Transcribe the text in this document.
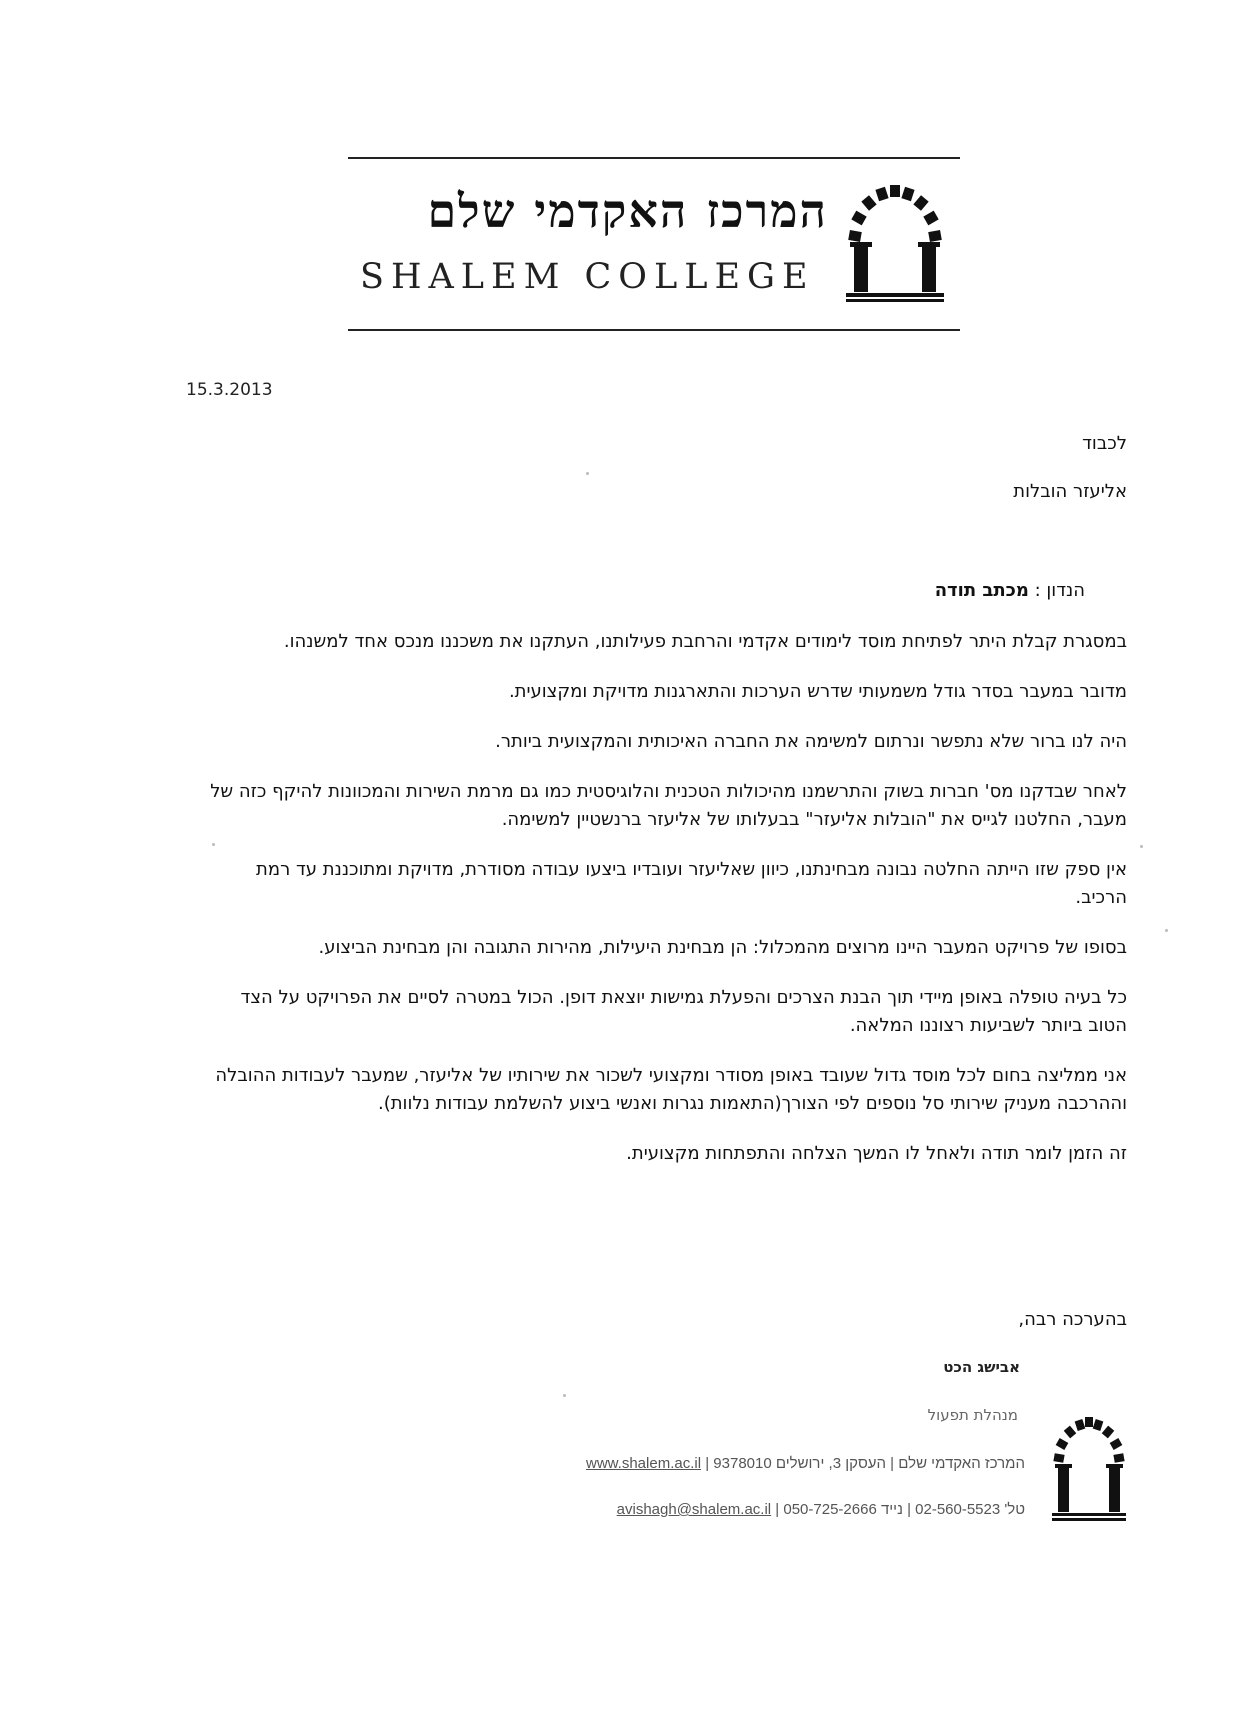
המרכז האקדמי שלם
SHALEM COLLEGE
15.3.2013
לכבוד
אליעזר הובלות
הנדון : מכתב תודה

במסגרת קבלת היתר לפתיחת מוסד לימודים אקדמי והרחבת פעילותנו, העתקנו את משכננו מנכס אחד למשנהו.

מדובר במעבר בסדר גודל משמעותי שדרש הערכות והתארגנות מדויקת ומקצועית.

היה לנו ברור שלא נתפשר ונרתום למשימה את החברה האיכותית והמקצועית ביותר.

לאחר שבדקנו מס' חברות בשוק והתרשמנו מהיכולות הטכנית והלוגיסטית כמו גם מרמת השירות והמכוונות להיקף כזה של מעבר, החלטנו לגייס את "הובלות אליעזר" בבעלותו של אליעזר ברנשטיין למשימה.

אין ספק שזו הייתה החלטה נבונה מבחינתנו, כיוון שאליעזר ועובדיו ביצעו עבודה מסודרת, מדויקת ומתוכננת עד רמת הרכיב.

בסופו של פרויקט המעבר היינו מרוצים מהמכלול: הן מבחינת היעילות, מהירות התגובה והן מבחינת הביצוע.

כל בעיה טופלה באופן מיידי תוך הבנת הצרכים והפעלת גמישות יוצאת דופן. הכול במטרה לסיים את הפרויקט על הצד הטוב ביותר לשביעות רצוננו המלאה.

אני ממליצה בחום לכל מוסד גדול שעובד באופן מסודר ומקצועי לשכור את שירותיו של אליעזר, שמעבר לעבודות ההובלה וההרכבה מעניק שירותי סל נוספים לפי הצורך(התאמות נגרות ואנשי ביצוע להשלמת עבודות נלוות).

זה הזמן לומר תודה ולאחל לו המשך הצלחה והתפתחות מקצועית.

בהערכה רבה,
אבישג הכט
מנהלת תפעול
המרכז האקדמי שלם | העסקן 3, ירושלים 9378010 | www.shalem.ac.il
טל' 02-560-5523 | נייד 050-725-2666 | avishagh@shalem.ac.il
